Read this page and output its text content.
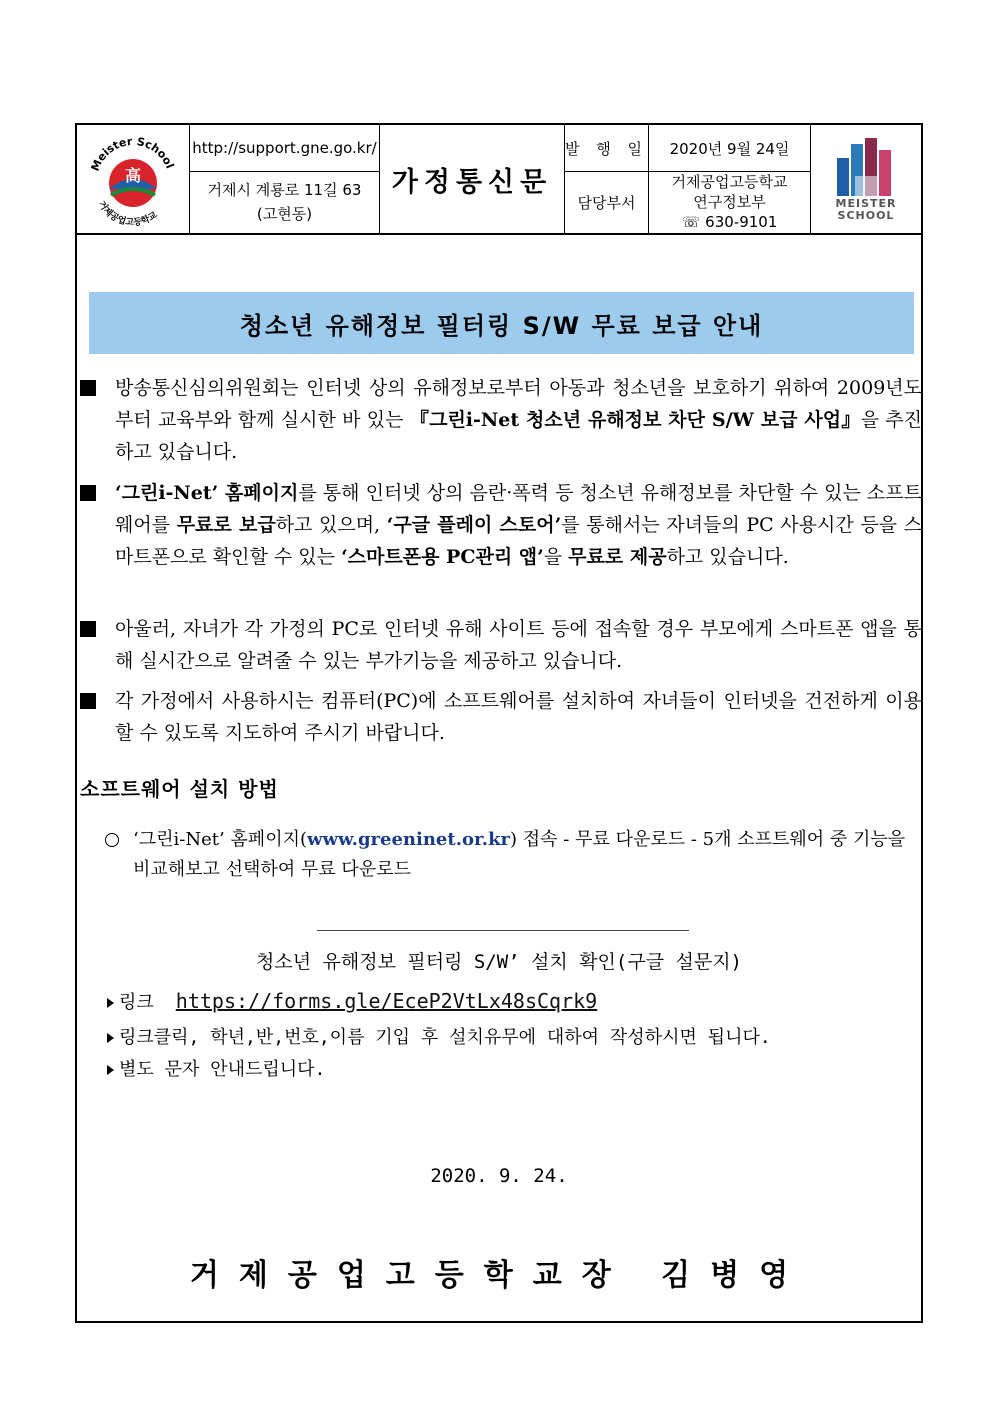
Meister School
高
거제공업고등학교
http://support.gne.go.kr/
거제시 계룡로 11길 63
(고현동)
가정통신문
발 행 일	2020년 9월 24일
담당부서
거제공업고등학교
연구정보부
☏ 630-9101
MEISTER
SCHOOL
청소년 유해정보 필터링 S/W 무료 보급 안내
방송통신심의위원회는 인터넷 상의 유해정보로부터 아동과 청소년을 보호하기 위하여 2009년도부터 교육부와 함께 실시한 바 있는 『그린i-Net 청소년 유해정보 차단 S/W 보급 사업』을 추진하고 있습니다.
‘그린i-Net’ 홈페이지를 통해 인터넷 상의 음란·폭력 등 청소년 유해정보를 차단할 수 있는 소프트웨어를 무료로 보급하고 있으며, ‘구글 플레이 스토어’를 통해서는 자녀들의 PC 사용시간 등을 스마트폰으로 확인할 수 있는 ‘스마트폰용 PC관리 앱’을 무료로 제공하고 있습니다.
아울러, 자녀가 각 가정의 PC로 인터넷 유해 사이트 등에 접속할 경우 부모에게 스마트폰 앱을 통해 실시간으로 알려줄 수 있는 부가기능을 제공하고 있습니다.
각 가정에서 사용하시는 컴퓨터(PC)에 소프트웨어를 설치하여 자녀들이 인터넷을 건전하게 이용할 수 있도록 지도하여 주시기 바랍니다.
소프트웨어 설치 방법
‘그린i-Net’ 홈페이지(www.greeninet.or.kr) 접속 - 무료 다운로드 - 5개 소프트웨어 중 기능을 비교해보고 선택하여 무료 다운로드
청소년 유해정보 필터링 S/W’ 설치 확인(구글 설문지)
링크 https://forms.gle/EceP2VtLx48sCqrk9
링크클릭, 학년,반,번호,이름 기입 후 설치유무에 대하여 작성하시면 됩니다.
별도 문자 안내드립니다.
2020. 9. 24.
거제공업고등학교장 김병영
